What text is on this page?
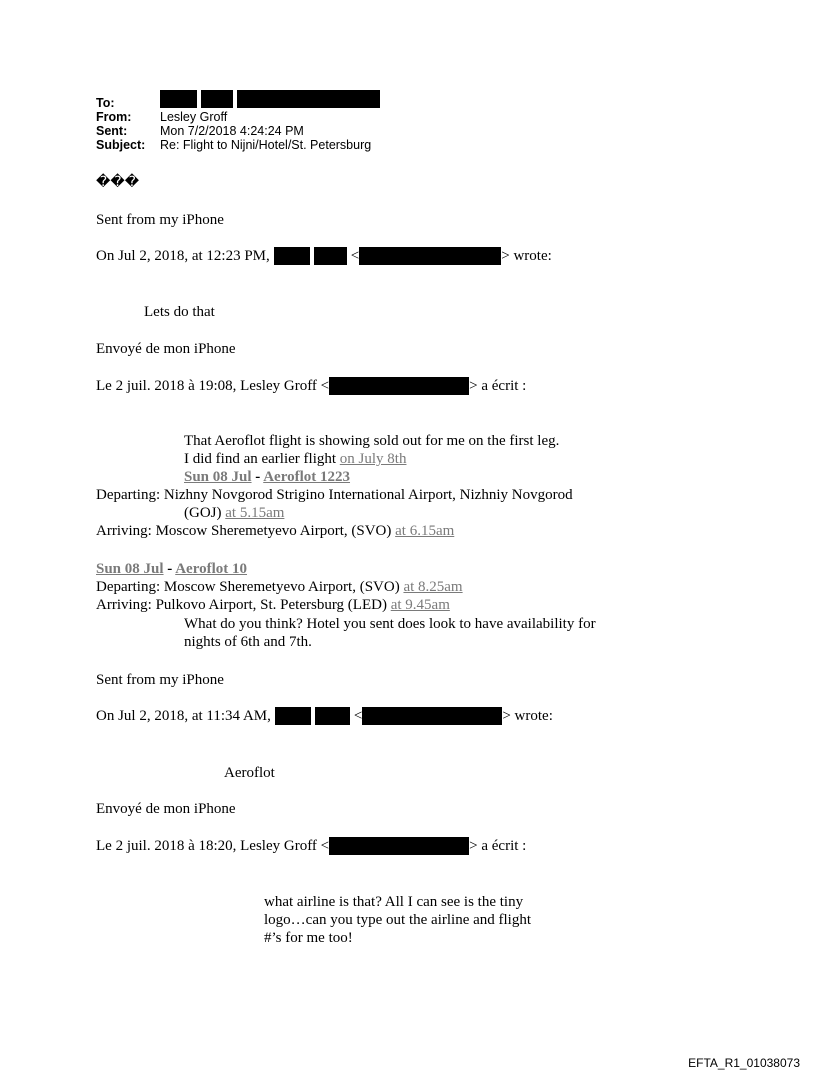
To:
From:	Lesley Groff
Sent:	Mon 7/2/2018 4:24:24 PM
Subject:	Re: Flight to Nijni/Hotel/St. Petersburg
���
Sent from my iPhone
On Jul 2, 2018, at 12:23 PM,	<	> wrote:
Lets do that
Envoyé de mon iPhone
Le 2 juil. 2018 à 19:08, Lesley Groff <	> a écrit :
That Aeroflot flight is showing sold out for me on the first leg.
I did find an earlier flight on July 8th
Sun 08 Jul - Aeroflot 1223
Departing: Nizhny Novgorod Strigino International Airport, Nizhniy Novgorod
(GOJ) at 5.15am
Arriving: Moscow Sheremetyevo Airport, (SVO) at 6.15am
Sun 08 Jul - Aeroflot 10
Departing: Moscow Sheremetyevo Airport, (SVO) at 8.25am
Arriving: Pulkovo Airport, St. Petersburg (LED) at 9.45am
What do you think? Hotel you sent does look to have availability for
nights of 6th and 7th.
Sent from my iPhone
On Jul 2, 2018, at 11:34 AM,	<	> wrote:
Aeroflot
Envoyé de mon iPhone
Le 2 juil. 2018 à 18:20, Lesley Groff <	> a écrit :
what airline is that? All I can see is the tiny
logo…can you type out the airline and flight
#’s for me too!
EFTA_R1_01038073
